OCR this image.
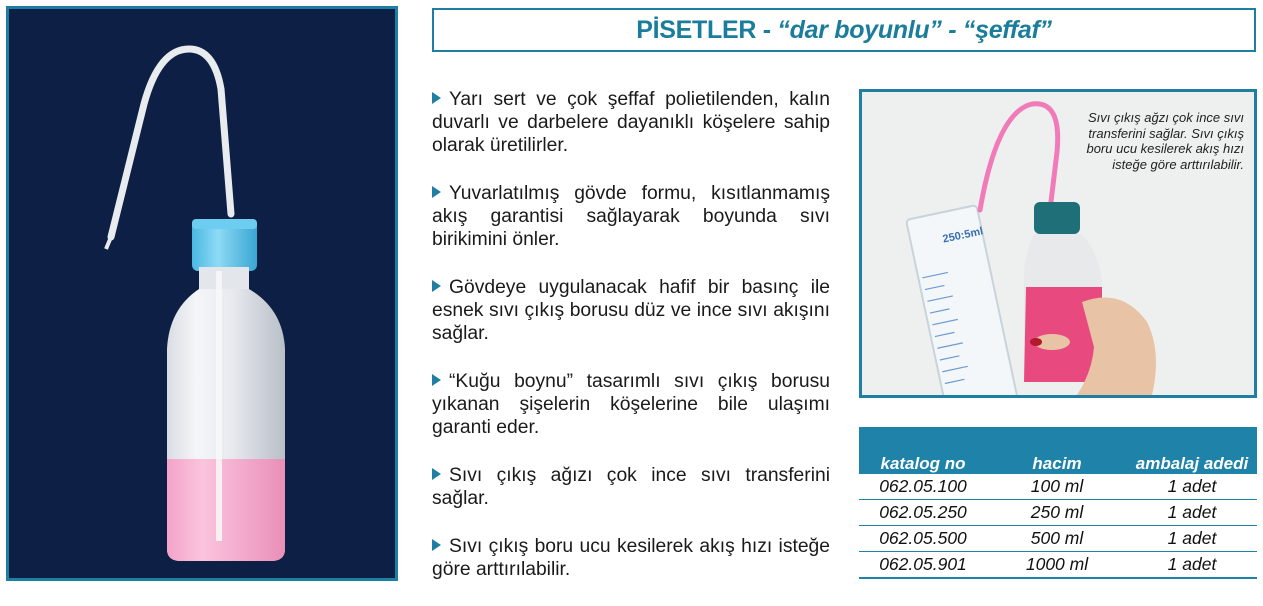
PİSETLER - “dar boyunlu” - “şeffaf”
Yarı sert ve çok şeffaf polietilenden, kalın duvarlı ve darbelere dayanıklı köşelere sahip olarak üretilirler.
Yuvarlatılmış gövde formu, kısıtlanmamış akış garantisi sağlayarak boyunda sıvı birikimini önler.
Gövdeye uygulanacak hafif bir basınç ile esnek sıvı çıkış borusu düz ve ince sıvı akışını sağlar.
“Kuğu boynu” tasarımlı sıvı çıkış borusu yıkanan şişelerin köşelerine bile ulaşımı garanti eder.
Sıvı çıkış ağızı çok ince sıvı transferini sağlar.
Sıvı çıkış boru ucu kesilerek akış hızı isteğe göre arttırılabilir.
250:5ml
Sıvı çıkış ağzı çok ince sıvı transferini sağlar. Sıvı çıkış boru ucu kesilerek akış hızı isteğe göre arttırılabilir.
katalog no	hacim	ambalaj adedi
062.05.100	100 ml	1 adet
062.05.250	250 ml	1 adet
062.05.500	500 ml	1 adet
062.05.901	1000 ml	1 adet
